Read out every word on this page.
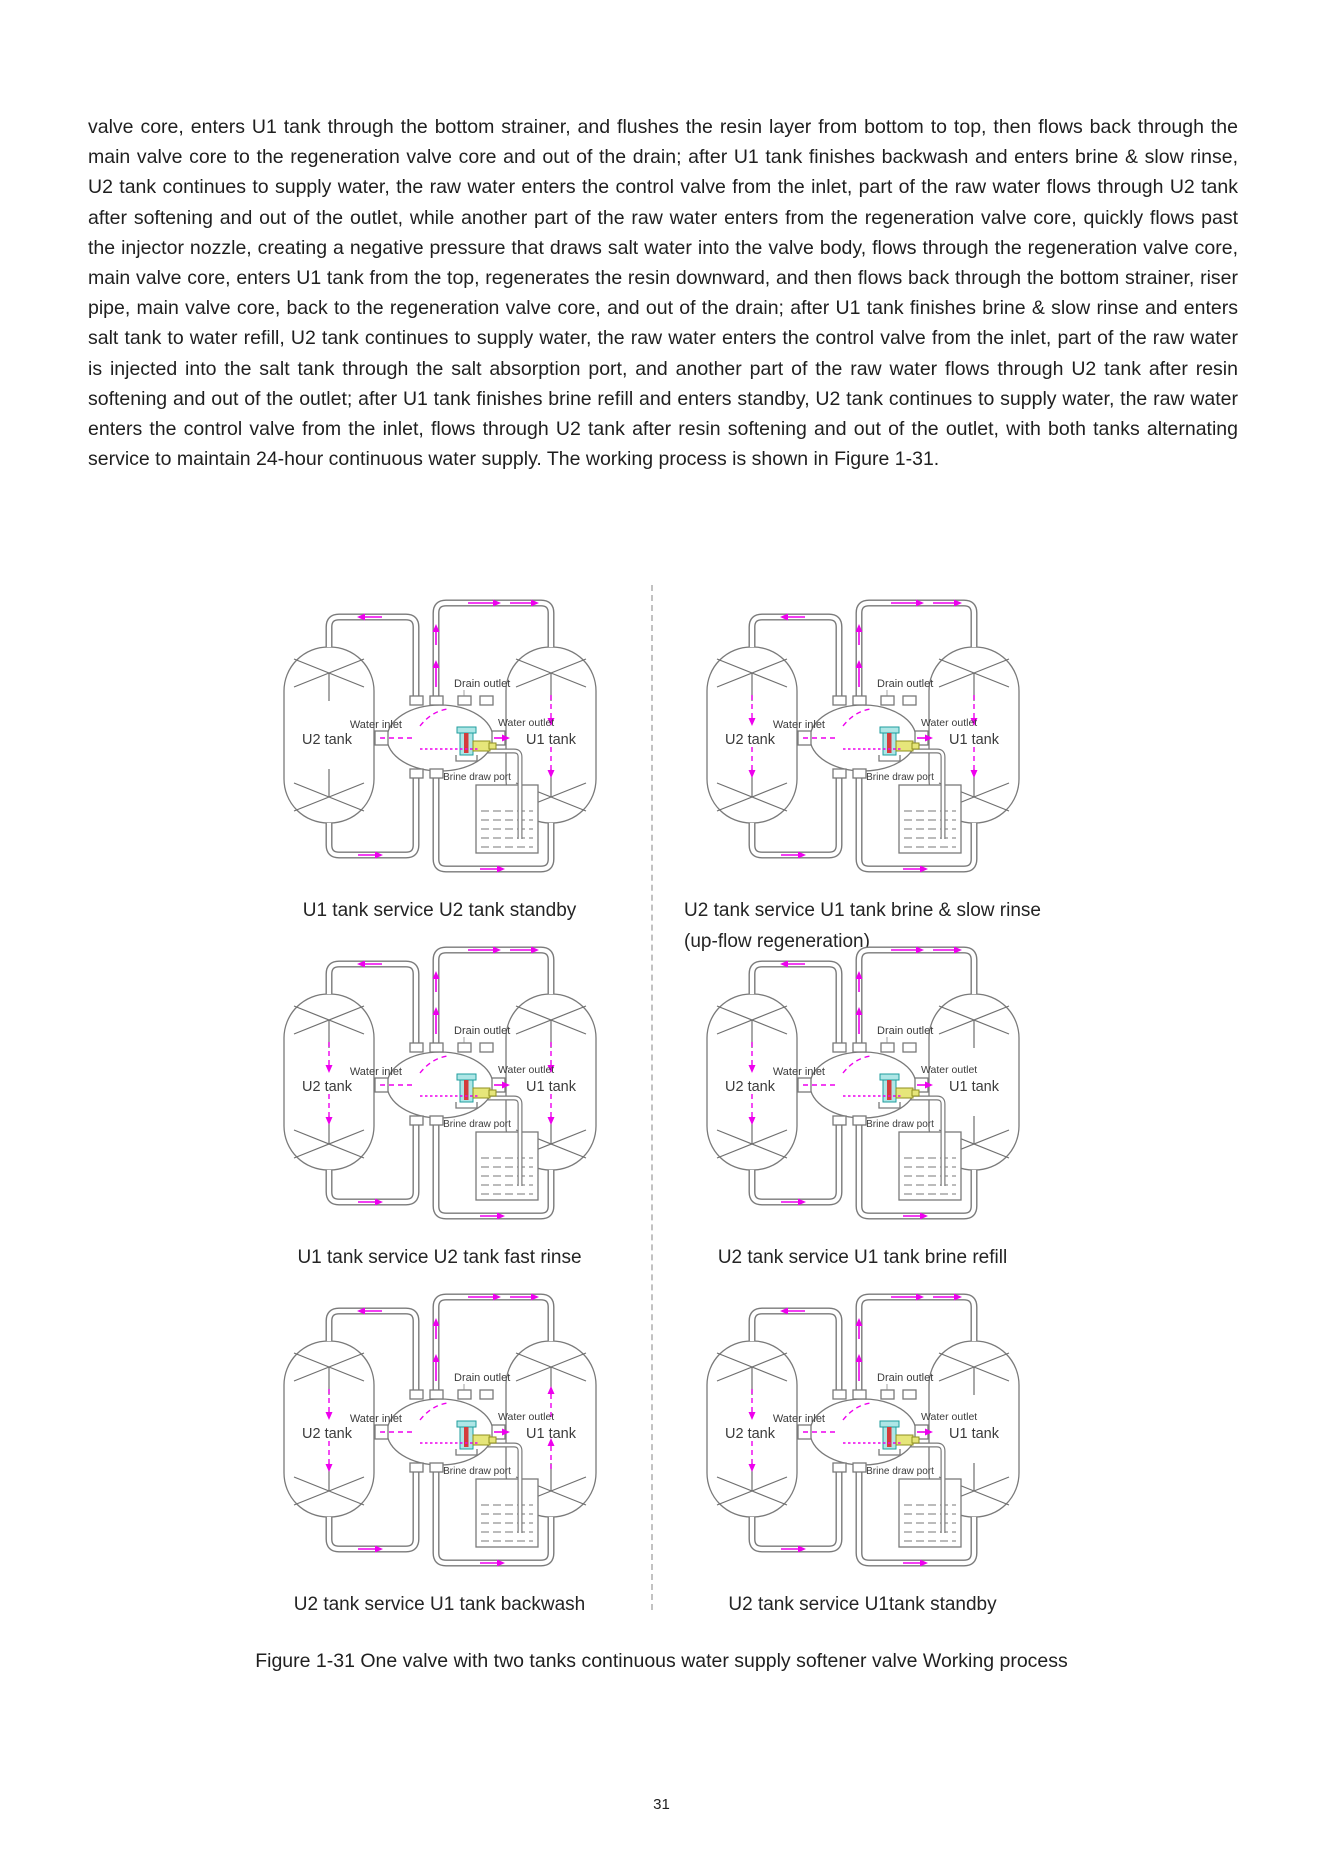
valve core, enters U1 tank through the bottom strainer, and flushes the resin layer from bottom to top, then flows back through the main valve core to the regeneration valve core and out of the drain; after U1 tank finishes backwash and enters brine & slow rinse, U2 tank continues to supply water, the raw water enters the control valve from the inlet, part of the raw water flows through U2 tank after softening and out of the outlet, while another part of the raw water enters from the regeneration valve core, quickly flows past the injector nozzle, creating a negative pressure that draws salt water into the valve body, flows through the regeneration valve core, main valve core, enters U1 tank from the top, regenerates the resin downward, and then flows back through the bottom strainer, riser pipe, main valve core, back to the regeneration valve core, and out of the drain; after U1 tank finishes brine & slow rinse and enters salt tank to water refill, U2 tank continues to supply water, the raw water enters the control valve from the inlet, part of the raw water is injected into the salt tank through the salt absorption port, and another part of the raw water flows through U2 tank after resin softening and out of the outlet; after U1 tank finishes brine refill and enters standby, U2 tank continues to supply water, the raw water enters the control valve from the inlet, flows through U2 tank after resin softening and out of the outlet, with both tanks alternating service to maintain 24-hour continuous water supply. The working process is shown in Figure 1-31.

Drain outlet
Water inlet	Water outlet
Brine draw port
U2 tank	U1 tank
U1 tank service U2 tank standby
Drain outlet
Water inlet	Water outlet
Brine draw port
U2 tank	U1 tank
U2 tank service U1 tank brine & slow rinse
(up-flow regeneration)
Drain outlet
Water inlet	Water outlet
Brine draw port
U2 tank	U1 tank
U1 tank service U2 tank fast rinse
Drain outlet
Water inlet	Water outlet
Brine draw port
U2 tank	U1 tank
U2 tank service U1 tank brine refill
Drain outlet
Water inlet	Water outlet
Brine draw port
U2 tank	U1 tank
U2 tank service U1 tank backwash
Drain outlet
Water inlet	Water outlet
Brine draw port
U2 tank	U1 tank
U2 tank service U1tank standby

Figure 1-31 One valve with two tanks continuous water supply softener valve Working process

31
